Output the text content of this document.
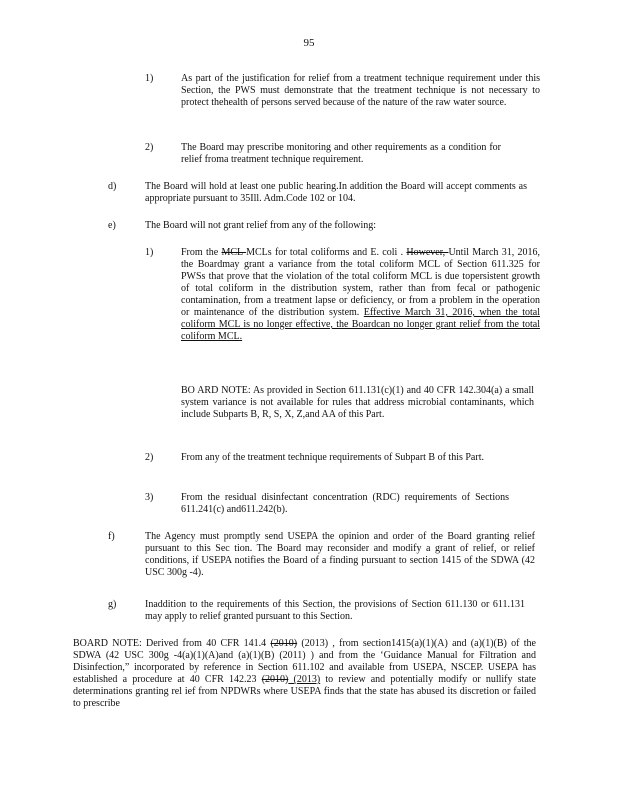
95
1)	As part of the justification for relief from a treatment technique requirement under this Section, the PWS must demonstrate that the treatment technique is not necessary to protect thehealth of persons served because of the nature of the raw water source.

2)	The Board may prescribe monitoring and other requirements as a condition for relief froma treatment technique requirement.

d)	The Board will hold at least one public hearing.In addition the Board will accept comments as appropriate pursuant to 35Ill. Adm.Code 102 or 104.

e)	The Board will not grant relief from any of the following:

1)	From the MCL MCLs for total coliforms and E. coli . However, Until March 31, 2016, the Boardmay grant a variance from the total coliform MCL of Section 611.325 for PWSs that prove that the violation of the total coliform MCL is due topersistent growth of total coliform in the distribution system, rather than from fecal or pathogenic contamination, from a treatment lapse or deficiency, or from a problem in the operation or maintenance of the distribution system. Effective March 31, 2016, when the total coliform MCL is no longer effective, the Boardcan no longer grant relief from the total coliform MCL.

BO ARD NOTE: As provided in Section 611.131(c)(1) and 40 CFR 142.304(a) a small system variance is not available for rules that address microbial contaminants, which include Subparts B, R, S, X, Z,and AA of this Part.

2)	From any of the treatment technique requirements of Subpart B of this Part.

3)	From the residual disinfectant concentration (RDC) requirements of Sections 611.241(c) and611.242(b).

f)	The Agency must promptly send USEPA the opinion and order of the Board granting relief pursuant to this Sec tion. The Board may reconsider and modify a grant of relief, or relief conditions, if USEPA notifies the Board of a finding pursuant to section 1415 of the SDWA (42 USC 300g -4).

g)	Inaddition to the requirements of this Section, the provisions of Section 611.130 or 611.131 may apply to relief granted pursuant to this Section.

BOARD NOTE: Derived from 40 CFR 141.4 (2010) (2013) , from section1415(a)(1)(A) and (a)(1)(B) of the SDWA (42 USC 300g -4(a)(1)(A)and (a)(1)(B) (2011) ) and from the ‘Guidance Manual for Filtration and Disinfection,” incorporated by reference in Section 611.102 and available from USEPA, NSCEP. USEPA has established a procedure at 40 CFR 142.23 (2010) (2013) to review and potentially modify or nullify state determinations granting rel ief from NPDWRs where USEPA finds that the state has abused its discretion or failed to prescribe
